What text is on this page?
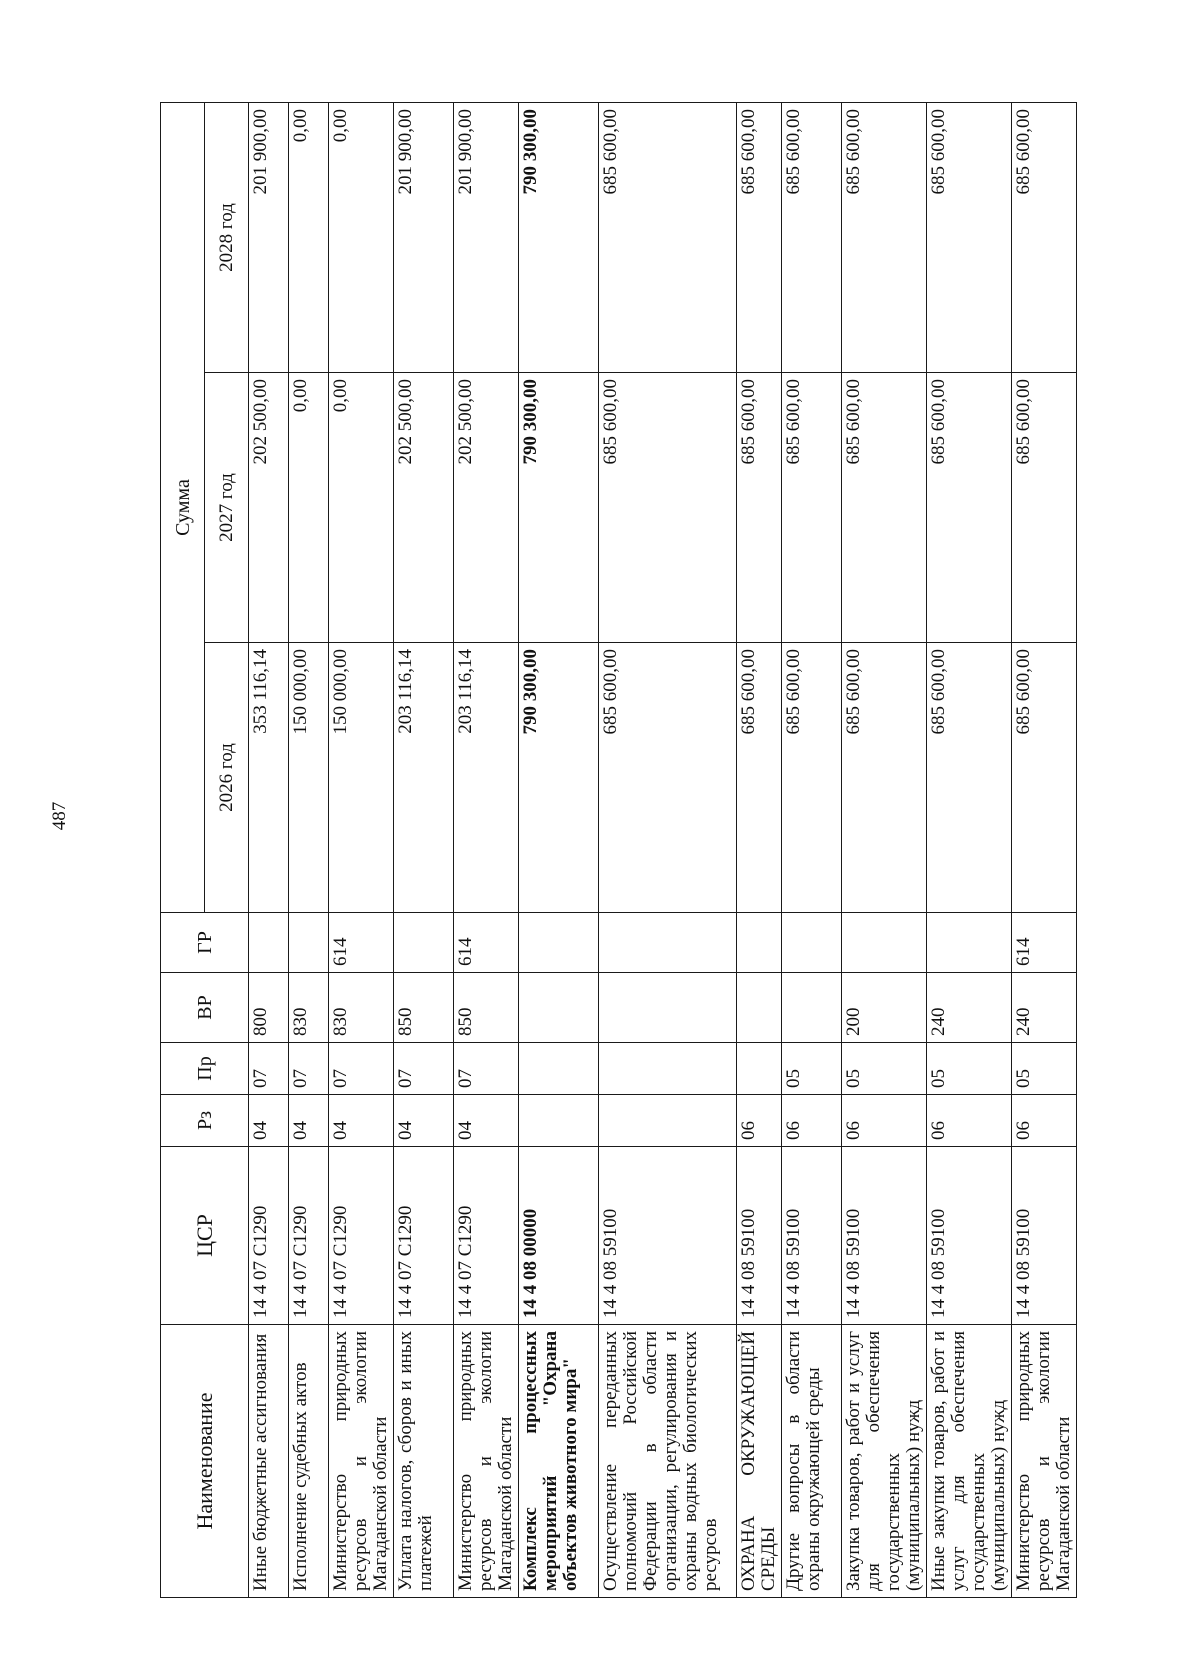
487
Наименование	ЦСР	Рз	Пр	ВР	ГР	Сумма		
						2026 год	2027 год	2028 год
Иные бюджетные ассигнования	14 4 07 С1290	04	07	800		353 116,14	202 500,00	201 900,00
Исполнение судебных актов	14 4 07 С1290	04	07	830		150 000,00	0,00	0,00
Министерство природных ресурсов и экологии Магаданской области	14 4 07 С1290	04	07	830	614	150 000,00	0,00	0,00
Уплата налогов, сборов и иных платежей	14 4 07 С1290	04	07	850		203 116,14	202 500,00	201 900,00
Министерство природных ресурсов и экологии Магаданской области	14 4 07 С1290	04	07	850	614	203 116,14	202 500,00	201 900,00
Комплекс процессных мероприятий "Охрана объектов животного мира"	14 4 08 00000					790 300,00	790 300,00	790 300,00
Осуществление переданных полномочий Российской Федерации в области организации, регулирования и охраны водных биологических ресурсов	14 4 08 59100					685 600,00	685 600,00	685 600,00
ОХРАНА ОКРУЖАЮЩЕЙ СРЕДЫ	14 4 08 59100	06				685 600,00	685 600,00	685 600,00
Другие вопросы в области охраны окружающей среды	14 4 08 59100	06	05			685 600,00	685 600,00	685 600,00
Закупка товаров, работ и услуг для обеспечения государственных (муниципальных) нужд	14 4 08 59100	06	05	200		685 600,00	685 600,00	685 600,00
Иные закупки товаров, работ и услуг для обеспечения государственных (муниципальных) нужд	14 4 08 59100	06	05	240		685 600,00	685 600,00	685 600,00
Министерство природных ресурсов и экологии Магаданской области	14 4 08 59100	06	05	240	614	685 600,00	685 600,00	685 600,00
